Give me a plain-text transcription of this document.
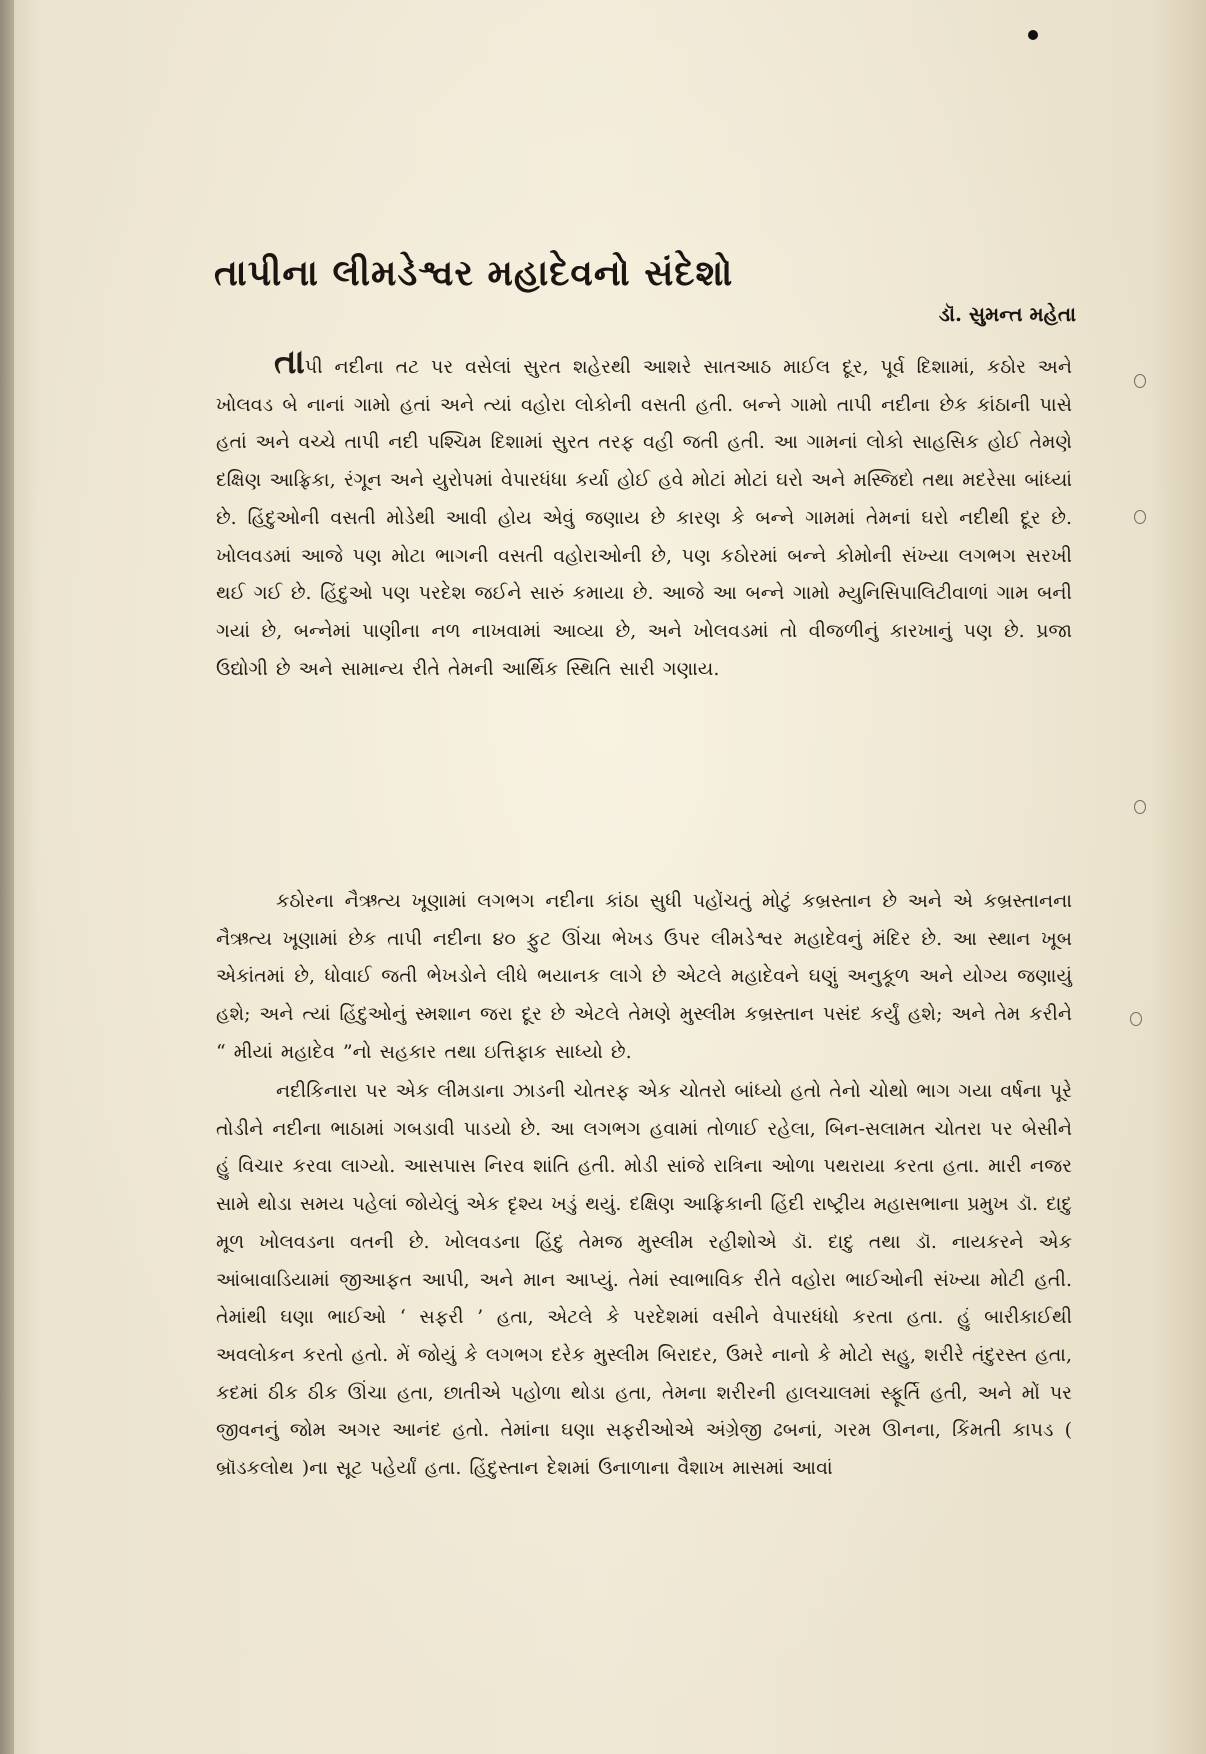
તાપીના લીમડેશ્વર મહાદેવનો સંદેશો
ડૉ. સુમન્ત મહેતા

તાપી નદીના તટ પર વસેલાં સુરત શહેરથી આશરે સાતઆઠ માઈલ દૂર, પૂર્વ દિશામાં, કઠોર અને ખોલવડ બે નાનાં ગામો હતાં અને ત્યાં વહોરા લોકોની વસતી હતી. બન્ને ગામો તાપી નદીના છેક કાંઠાની પાસે હતાં અને વચ્ચે તાપી નદી પશ્ચિમ દિશામાં સુરત તરફ વહી જતી હતી. આ ગામનાં લોકો સાહસિક હોઈ તેમણે દક્ષિણ આફ્રિકા, રંગૂન અને યુરોપમાં વેપારધંધા કર્યા હોઈ હવે મોટાં મોટાં ઘરો અને મસ્જિદો તથા મદરેસા બાંધ્યાં છે. હિંદુઓની વસતી મોડેથી આવી હોય એવું જણાય છે કારણ કે બન્ને ગામમાં તેમનાં ઘરો નદીથી દૂર છે. ખોલવડમાં આજે પણ મોટા ભાગની વસતી વહોરાઓની છે, પણ કઠોરમાં બન્ને કોમોની સંખ્યા લગભગ સરખી થઈ ગઈ છે. હિંદુઓ પણ પરદેશ જઈને સારું કમાયા છે. આજે આ બન્ને ગામો મ્યુનિસિપાલિટીવાળાં ગામ બની ગયાં છે, બન્નેમાં પાણીના નળ નાખવામાં આવ્યા છે, અને ખોલવડમાં તો વીજળીનું કારખાનું પણ છે. પ્રજા ઉદ્યોગી છે અને સામાન્ય રીતે તેમની આર્થિક સ્થિતિ સારી ગણાય.

કઠોરના નૈઋત્ય ખૂણામાં લગભગ નદીના કાંઠા સુધી પહોંચતું મોટું કબ્રસ્તાન છે અને એ કબ્રસ્તાનના નૈઋત્ય ખૂણામાં છેક તાપી નદીના ૪૦ ફુટ ઊંચા ભેખડ ઉપર લીમડેશ્વર મહાદેવનું મંદિર છે. આ સ્થાન ખૂબ એકાંતમાં છે, ધોવાઈ જતી ભેખડોને લીધે ભયાનક લાગે છે એટલે મહાદેવને ઘણું અનુકૂળ અને યોગ્ય જણાયું હશે; અને ત્યાં હિંદુઓનું સ્મશાન જરા દૂર છે એટલે તેમણે મુસ્લીમ કબ્રસ્તાન પસંદ કર્યું હશે; અને તેમ કરીને “ મીયાં મહાદેવ ”નો સહકાર તથા ઇત્તિફાક સાધ્યો છે.

નદીકિનારા પર એક લીમડાના ઝાડની ચોતરફ એક ચોતરો બાંધ્યો હતો તેનો ચોથો ભાગ ગયા વર્ષના પૂરે તોડીને નદીના ભાઠામાં ગબડાવી પાડયો છે. આ લગભગ હવામાં તોળાઈ રહેલા, બિન-સલામત ચોતરા પર બેસીને હું વિચાર કરવા લાગ્યો. આસપાસ નિરવ શાંતિ હતી. મોડી સાંજે રાત્રિના ઓળા પથરાયા કરતા હતા. મારી નજર સામે થોડા સમય પહેલાં જોયેલું એક દૃશ્ય ખડું થયું. દક્ષિણ આફ્રિકાની હિંદી રાષ્ટ્રીય મહાસભાના પ્રમુખ ડૉ. દાદુ મૂળ ખોલવડના વતની છે. ખોલવડના હિંદુ તેમજ મુસ્લીમ રહીશોએ ડૉ. દાદુ તથા ડૉ. નાયકરને એક આંબાવાડિયામાં જીઆફત આપી, અને માન આપ્યું. તેમાં સ્વાભાવિક રીતે વહોરા ભાઈઓની સંખ્યા મોટી હતી. તેમાંથી ઘણા ભાઈઓ ‘ સફરી ’ હતા, એટલે કે પરદેશમાં વસીને વેપારધંધો કરતા હતા. હું બારીકાઈથી અવલોકન કરતો હતો. મેં જોયું કે લગભગ દરેક મુસ્લીમ બિરાદર, ઉમરે નાનો કે મોટો સહુ, શરીરે તંદુરસ્ત હતા, કદમાં ઠીક ઠીક ઊંચા હતા, છાતીએ પહોળા થોડા હતા, તેમના શરીરની હાલચાલમાં સ્ફૂર્તિ હતી, અને મોં પર જીવનનું જોમ અગર આનંદ હતો. તેમાંના ઘણા સફરીઓએ અંગ્રેજી ઢબનાં, ગરમ ઊનના, કિંમતી કાપડ ( બ્રૉડકલોથ )ના સૂટ પહેર્યાં હતા. હિંદુસ્તાન દેશમાં ઉનાળાના વૈશાખ માસમાં આવાં
